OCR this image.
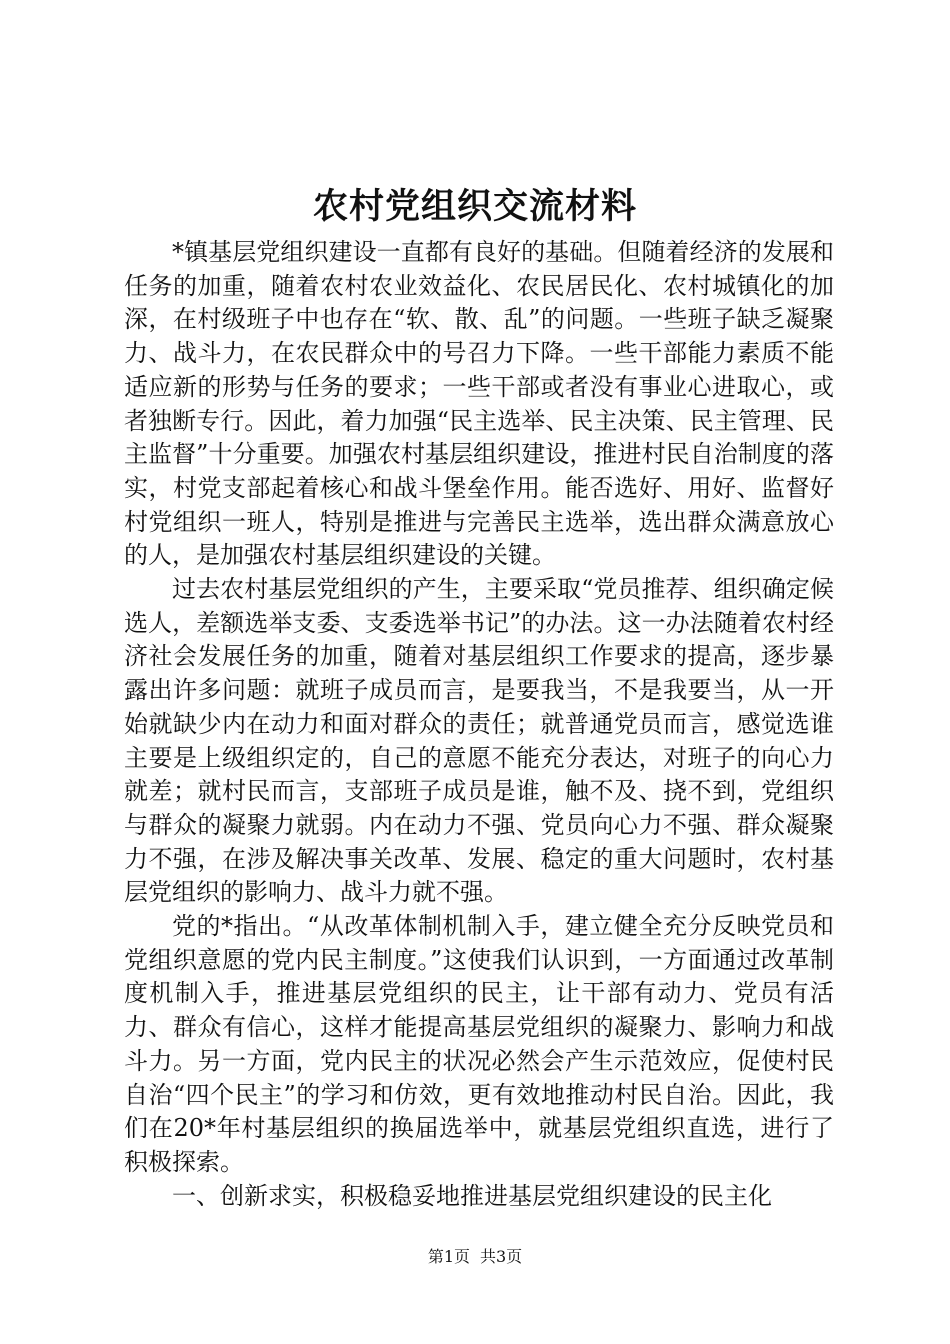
农村党组织交流材料

*镇基层党组织建设一直都有良好的基础。但随着经济的发展和任务的加重，随着农村农业效益化、农民居民化、农村城镇化的加深，在村级班子中也存在“软、散、乱”的问题。一些班子缺乏凝聚力、战斗力，在农民群众中的号召力下降。一些干部能力素质不能适应新的形势与任务的要求；一些干部或者没有事业心进取心，或者独断专行。因此，着力加强“民主选举、民主决策、民主管理、民主监督”十分重要。加强农村基层组织建设，推进村民自治制度的落实，村党支部起着核心和战斗堡垒作用。能否选好、用好、监督好村党组织一班人，特别是推进与完善民主选举，选出群众满意放心的人，是加强农村基层组织建设的关键。

过去农村基层党组织的产生，主要采取“党员推荐、组织确定候选人，差额选举支委、支委选举书记”的办法。这一办法随着农村经济社会发展任务的加重，随着对基层组织工作要求的提高，逐步暴露出许多问题：就班子成员而言，是要我当，不是我要当，从一开始就缺少内在动力和面对群众的责任；就普通党员而言，感觉选谁主要是上级组织定的，自己的意愿不能充分表达，对班子的向心力就差；就村民而言，支部班子成员是谁，触不及、挠不到，党组织与群众的凝聚力就弱。内在动力不强、党员向心力不强、群众凝聚力不强，在涉及解决事关改革、发展、稳定的重大问题时，农村基层党组织的影响力、战斗力就不强。

党的*指出。“从改革体制机制入手，建立健全充分反映党员和党组织意愿的党内民主制度。”这使我们认识到，一方面通过改革制度机制入手，推进基层党组织的民主，让干部有动力、党员有活力、群众有信心，这样才能提高基层党组织的凝聚力、影响力和战斗力。另一方面，党内民主的状况必然会产生示范效应，促使村民自治“四个民主”的学习和仿效，更有效地推动村民自治。因此，我们在20*年村基层组织的换届选举中，就基层党组织直选，进行了积极探索。

一、创新求实，积极稳妥地推进基层党组织建设的民主化

第1页 共3页
